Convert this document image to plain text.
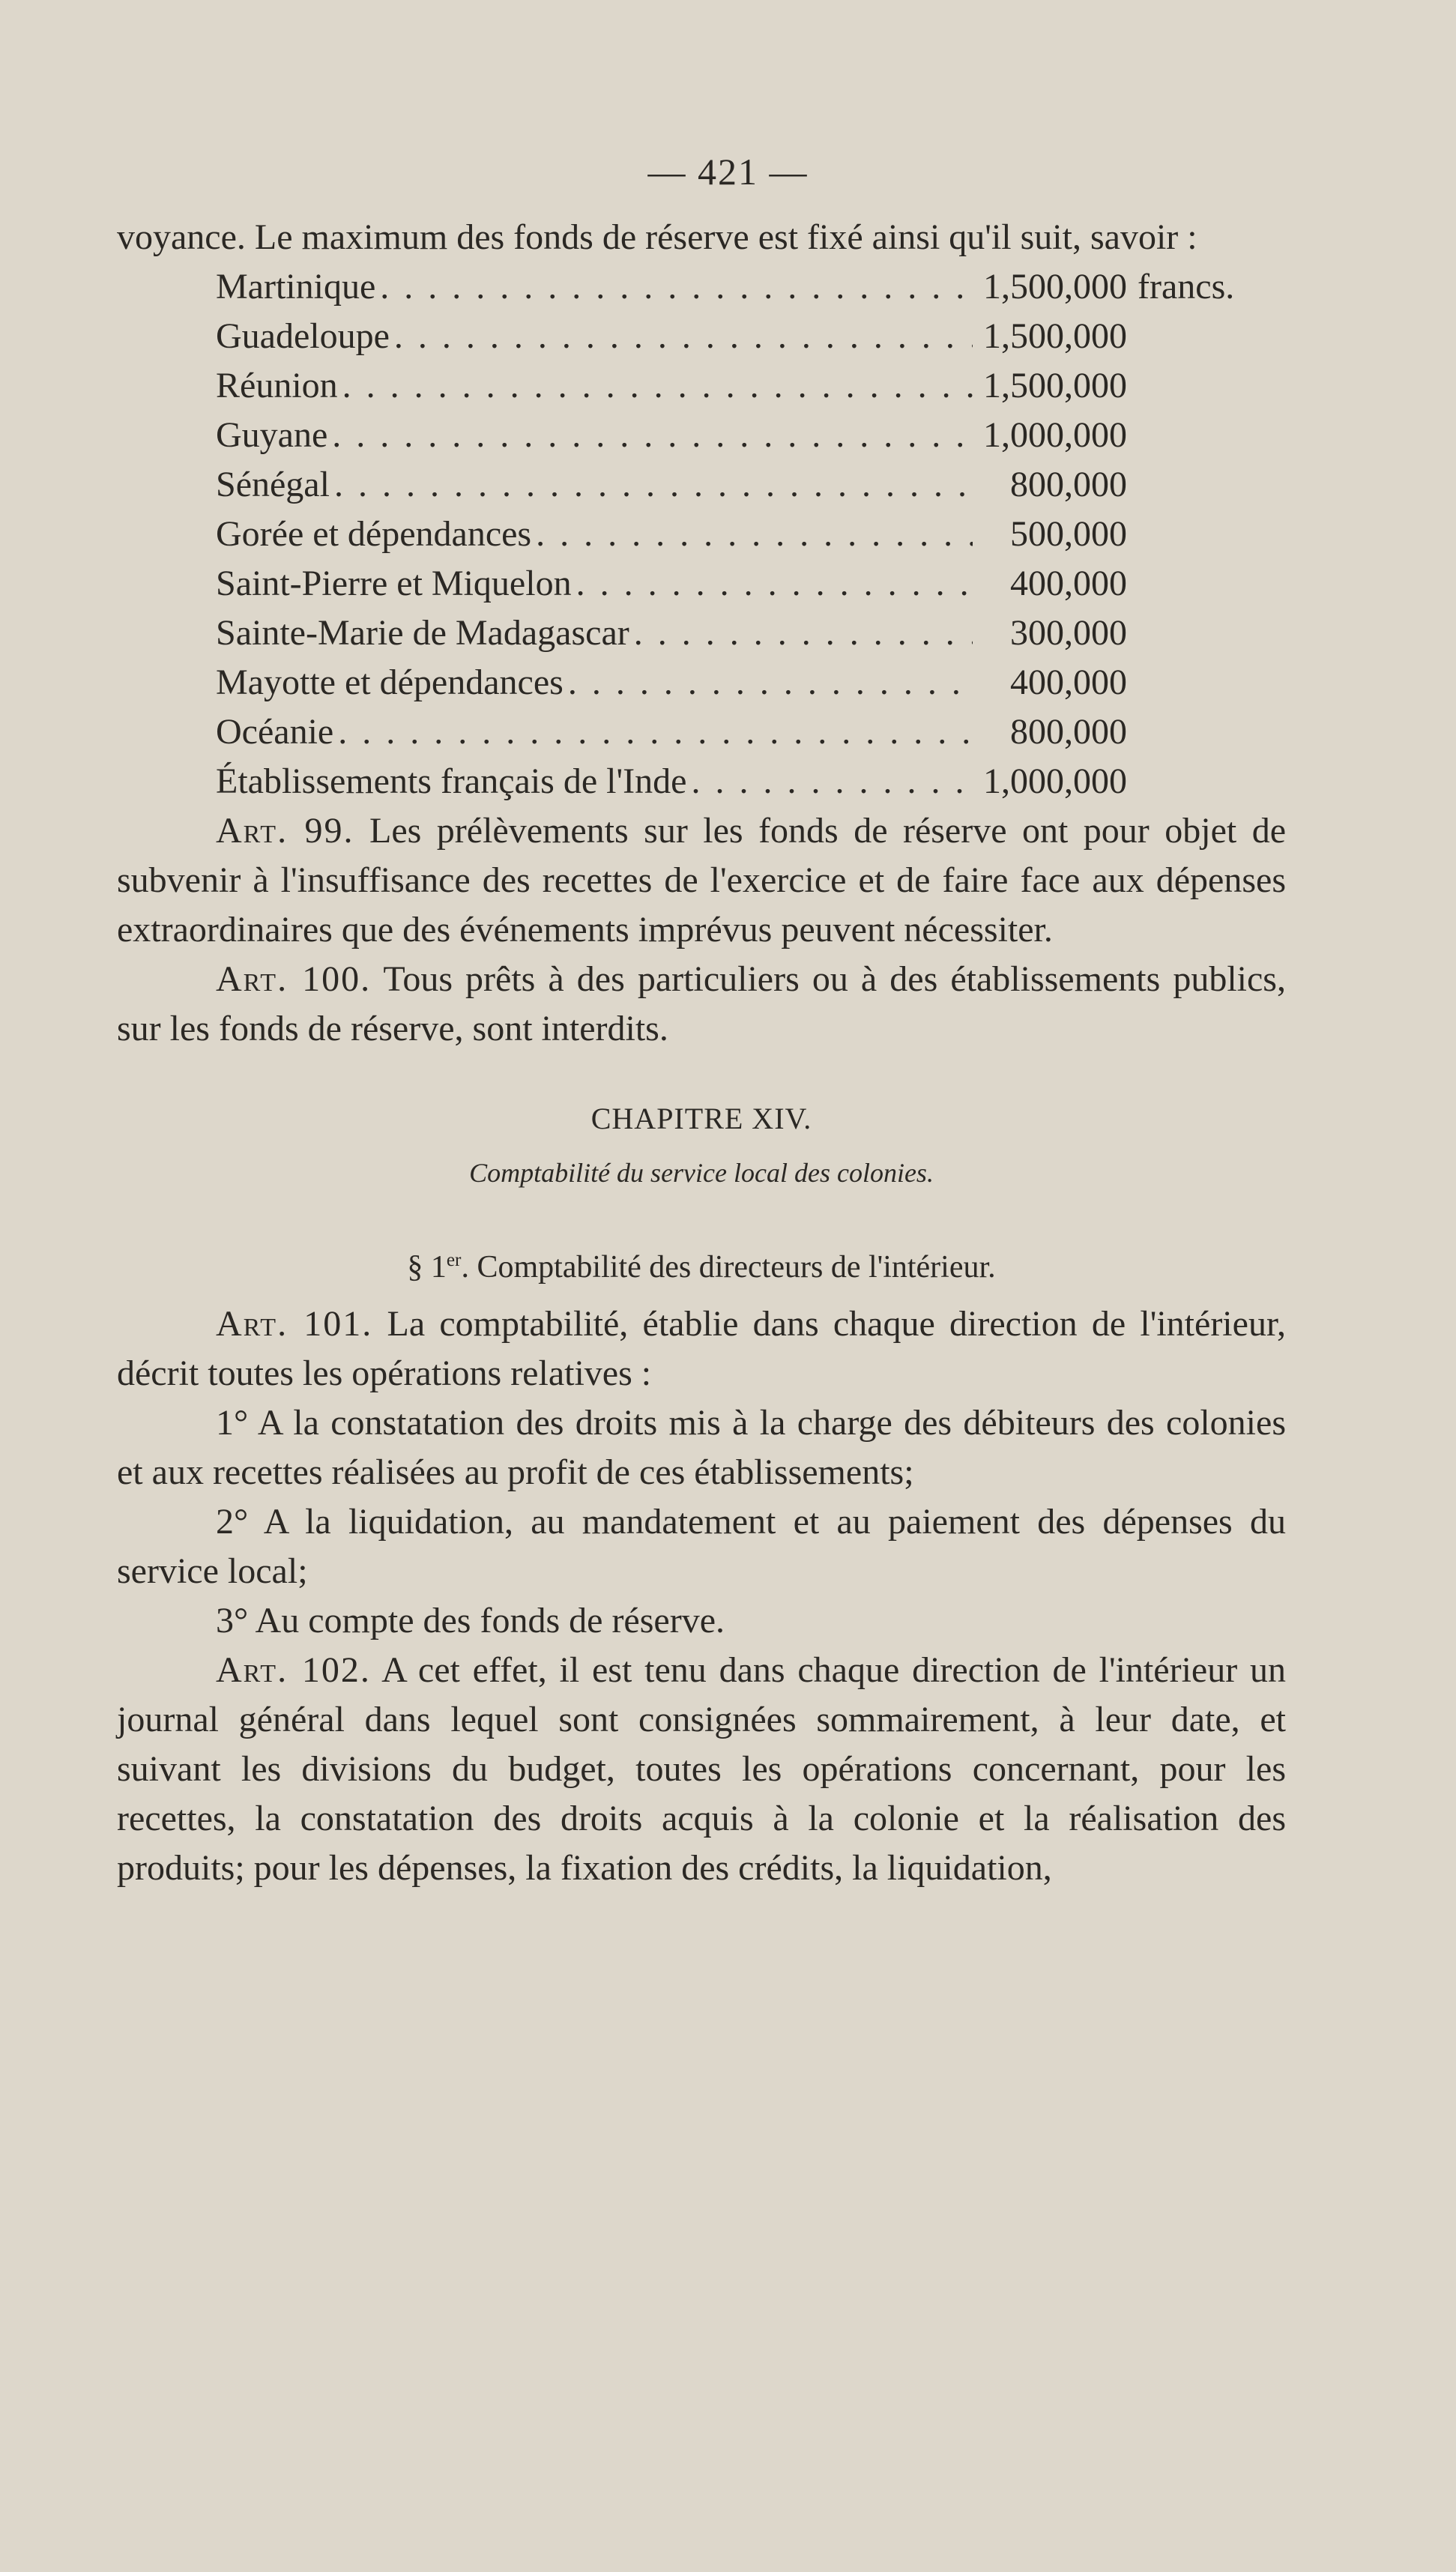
— 421 —

voyance. Le maximum des fonds de réserve est fixé ainsi qu'il suit, savoir :

Martinique . . .	1,500,000 francs.
Guadeloupe . . .	1,500,000
Réunion . . .	1,500,000
Guyane . . .	1,000,000
Sénégal . . .	800,000
Gorée et dépendances . . .	500,000
Saint-Pierre et Miquelon . . .	400,000
Sainte-Marie de Madagascar . . .	300,000
Mayotte et dépendances . . .	400,000
Océanie . . .	800,000
Établissements français de l'Inde . . .	1,000,000

Art. 99. Les prélèvements sur les fonds de réserve ont pour objet de subvenir à l'insuffisance des recettes de l'exercice et de faire face aux dépenses extraordinaires que des événements imprévus peuvent nécessiter.

Art. 100. Tous prêts à des particuliers ou à des établissements publics, sur les fonds de réserve, sont interdits.

CHAPITRE XIV.
Comptabilité du service local des colonies.
§ 1er. Comptabilité des directeurs de l'intérieur.

Art. 101. La comptabilité, établie dans chaque direction de l'intérieur, décrit toutes les opérations relatives :

1° A la constatation des droits mis à la charge des débiteurs des colonies et aux recettes réalisées au profit de ces établissements;

2° A la liquidation, au mandatement et au paiement des dépenses du service local;

3° Au compte des fonds de réserve.

Art. 102. A cet effet, il est tenu dans chaque direction de l'intérieur un journal général dans lequel sont consignées sommairement, à leur date, et suivant les divisions du budget, toutes les opérations concernant, pour les recettes, la constatation des droits acquis à la colonie et la réalisation des produits; pour les dépenses, la fixation des crédits, la liquidation,
